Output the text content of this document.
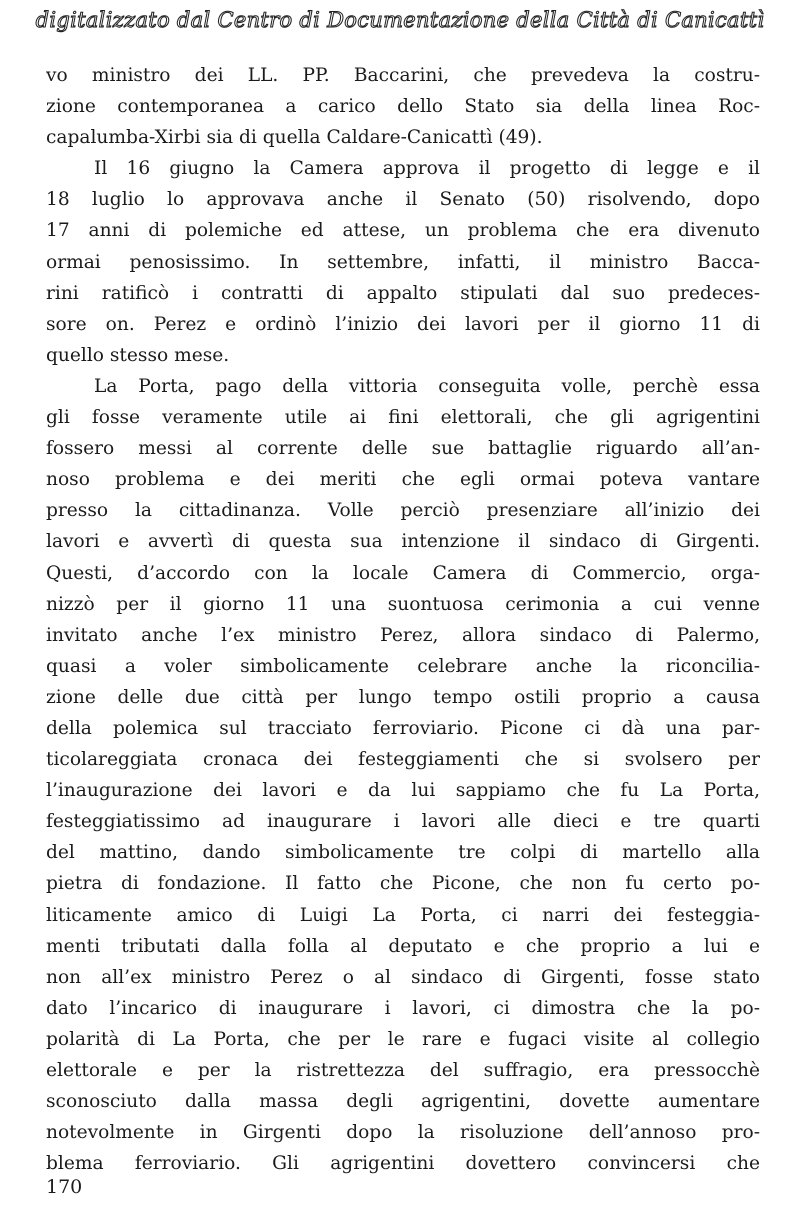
digitalizzato dal Centro di Documentazione della Città di Canicattì
vo ministro dei LL. PP. Baccarini, che prevedeva la costru-
zione contemporanea a carico dello Stato sia della linea Roc-
capalumba-Xirbi sia di quella Caldare-Canicattì (49).
Il 16 giugno la Camera approva il progetto di legge e il
18 luglio lo approvava anche il Senato (50) risolvendo, dopo
17 anni di polemiche ed attese, un problema che era divenuto
ormai penosissimo. In settembre, infatti, il ministro Bacca-
rini ratificò i contratti di appalto stipulati dal suo predeces-
sore on. Perez e ordinò l’inizio dei lavori per il giorno 11 di
quello stesso mese.
La Porta, pago della vittoria conseguita volle, perchè essa
gli fosse veramente utile ai fini elettorali, che gli agrigentini
fossero messi al corrente delle sue battaglie riguardo all’an-
noso problema e dei meriti che egli ormai poteva vantare
presso la cittadinanza. Volle perciò presenziare all’inizio dei
lavori e avvertì di questa sua intenzione il sindaco di Girgenti.
Questi, d’accordo con la locale Camera di Commercio, orga-
nizzò per il giorno 11 una suontuosa cerimonia a cui venne
invitato anche l’ex ministro Perez, allora sindaco di Palermo,
quasi a voler simbolicamente celebrare anche la riconcilia-
zione delle due città per lungo tempo ostili proprio a causa
della polemica sul tracciato ferroviario. Picone ci dà una par-
ticolareggiata cronaca dei festeggiamenti che si svolsero per
l’inaugurazione dei lavori e da lui sappiamo che fu La Porta,
festeggiatissimo ad inaugurare i lavori alle dieci e tre quarti
del mattino, dando simbolicamente tre colpi di martello alla
pietra di fondazione. Il fatto che Picone, che non fu certo po-
liticamente amico di Luigi La Porta, ci narri dei festeggia-
menti tributati dalla folla al deputato e che proprio a lui e
non all’ex ministro Perez o al sindaco di Girgenti, fosse stato
dato l’incarico di inaugurare i lavori, ci dimostra che la po-
polarità di La Porta, che per le rare e fugaci visite al collegio
elettorale e per la ristrettezza del suffragio, era pressocchè
sconosciuto dalla massa degli agrigentini, dovette aumentare
notevolmente in Girgenti dopo la risoluzione dell’annoso pro-
blema ferroviario. Gli agrigentini dovettero convincersi che
170
